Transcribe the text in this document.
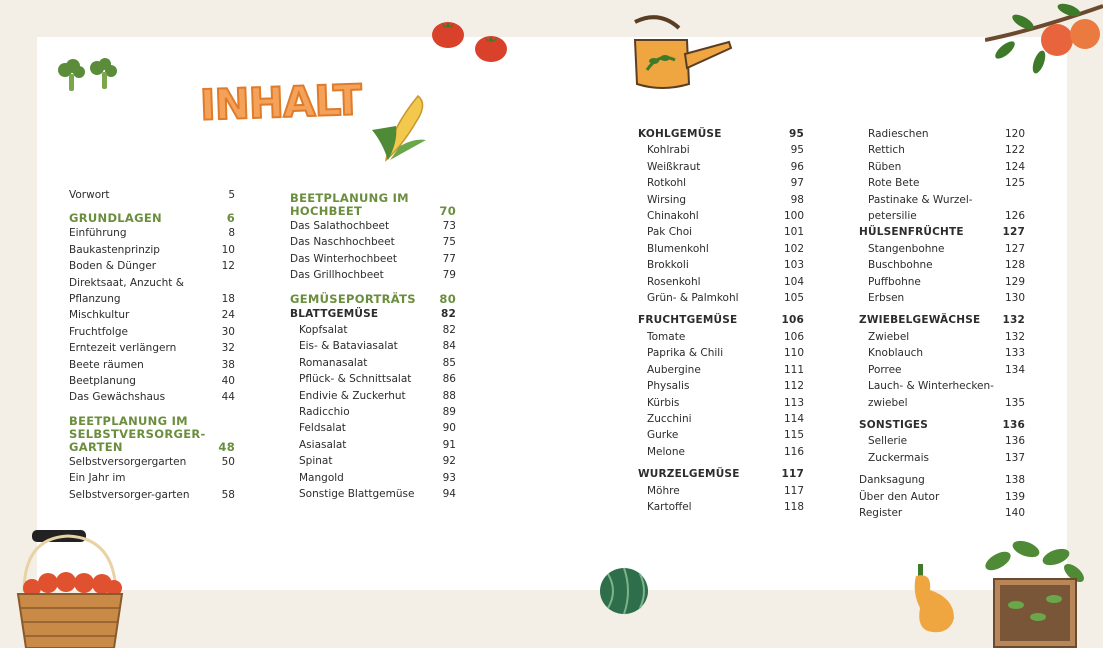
INHALT
Vorwort	5
GRUNDLAGEN	6
Einführung	8
Baukastenprinzip	10
Boden & Dünger	12
Direktsaat, Anzucht & Pflanzung	18
Mischkultur	24
Fruchtfolge	30
Erntezeit verlängern	32
Beete räumen	38
Beetplanung	40
Das Gewächshaus	44
BEETPLANUNG IM SELBSTVERSORGER-GARTEN	48
Selbstversorgergarten	50
Ein Jahr im Selbstversorger-garten	58
BEETPLANUNG IM HOCHBEET	70
Das Salathochbeet	73
Das Naschhochbeet	75
Das Winterhochbeet	77
Das Grillhochbeet	79
GEMÜSEPORTRÄTS	80
BLATTGEMÜSE	82
Kopfsalat	82
Eis- & Bataviasalat	84
Romanasalat	85
Pflück- & Schnittsalat	86
Endivie & Zuckerhut	88
Radicchio	89
Feldsalat	90
Asiasalat	91
Spinat	92
Mangold	93
Sonstige Blattgemüse	94
KOHLGEMÜSE	95
Kohlrabi	95
Weißkraut	96
Rotkohl	97
Wirsing	98
Chinakohl	100
Pak Choi	101
Blumenkohl	102
Brokkoli	103
Rosenkohl	104
Grün- & Palmkohl	105
FRUCHTGEMÜSE	106
Tomate	106
Paprika & Chili	110
Aubergine	111
Physalis	112
Kürbis	113
Zucchini	114
Gurke	115
Melone	116
WURZELGEMÜSE	117
Möhre	117
Kartoffel	118
Radieschen	120
Rettich	122
Rüben	124
Rote Bete	125
Pastinake & Wurzel-petersilie	126
HÜLSENFRÜCHTE	127
Stangenbohne	127
Buschbohne	128
Puffbohne	129
Erbsen	130
ZWIEBELGEWÄCHSE	132
Zwiebel	132
Knoblauch	133
Porree	134
Lauch- & Winterhecken-zwiebel	135
SONSTIGES	136
Sellerie	136
Zuckermais	137
Danksagung	138
Über den Autor	139
Register	140
